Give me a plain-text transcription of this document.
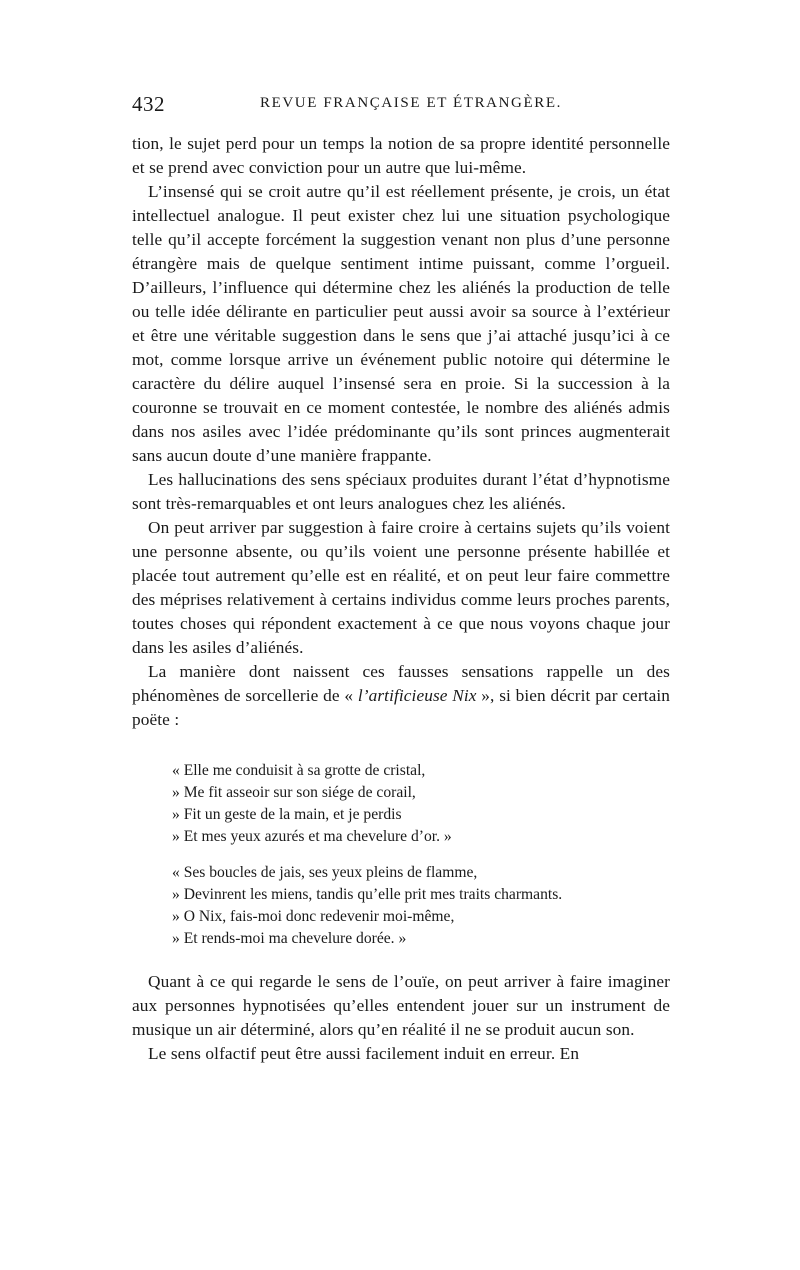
432	REVUE FRANÇAISE ET ÉTRANGÈRE.

tion, le sujet perd pour un temps la notion de sa propre identité personnelle et se prend avec conviction pour un autre que lui-même.

L’insensé qui se croit autre qu’il est réellement présente, je crois, un état intellectuel analogue. Il peut exister chez lui une situation psychologique telle qu’il accepte forcément la suggestion venant non plus d’une personne étrangère mais de quelque sentiment intime puissant, comme l’orgueil. D’ailleurs, l’influence qui détermine chez les aliénés la production de telle ou telle idée délirante en particulier peut aussi avoir sa source à l’extérieur et être une véritable suggestion dans le sens que j’ai attaché jusqu’ici à ce mot, comme lorsque arrive un événement public notoire qui détermine le caractère du délire auquel l’insensé sera en proie. Si la succession à la couronne se trouvait en ce moment contestée, le nombre des aliénés admis dans nos asiles avec l’idée prédominante qu’ils sont princes augmenterait sans aucun doute d’une manière frappante.

Les hallucinations des sens spéciaux produites durant l’état d’hypnotisme sont très-remarquables et ont leurs analogues chez les aliénés.

On peut arriver par suggestion à faire croire à certains sujets qu’ils voient une personne absente, ou qu’ils voient une personne présente habillée et placée tout autrement qu’elle est en réalité, et on peut leur faire commettre des méprises relativement à certains individus comme leurs proches parents, toutes choses qui répondent exactement à ce que nous voyons chaque jour dans les asiles d’aliénés.

La manière dont naissent ces fausses sensations rappelle un des phénomènes de sorcellerie de « l’artificieuse Nix », si bien décrit par certain poëte :

« Elle me conduisit à sa grotte de cristal,
» Me fit asseoir sur son siége de corail,
» Fit un geste de la main, et je perdis
» Et mes yeux azurés et ma chevelure d’or. »
« Ses boucles de jais, ses yeux pleins de flamme,
» Devinrent les miens, tandis qu’elle prit mes traits charmants.
» O Nix, fais-moi donc redevenir moi-même,
» Et rends-moi ma chevelure dorée. »

Quant à ce qui regarde le sens de l’ouïe, on peut arriver à faire imaginer aux personnes hypnotisées qu’elles entendent jouer sur un instrument de musique un air déterminé, alors qu’en réalité il ne se produit aucun son.

Le sens olfactif peut être aussi facilement induit en erreur. En
